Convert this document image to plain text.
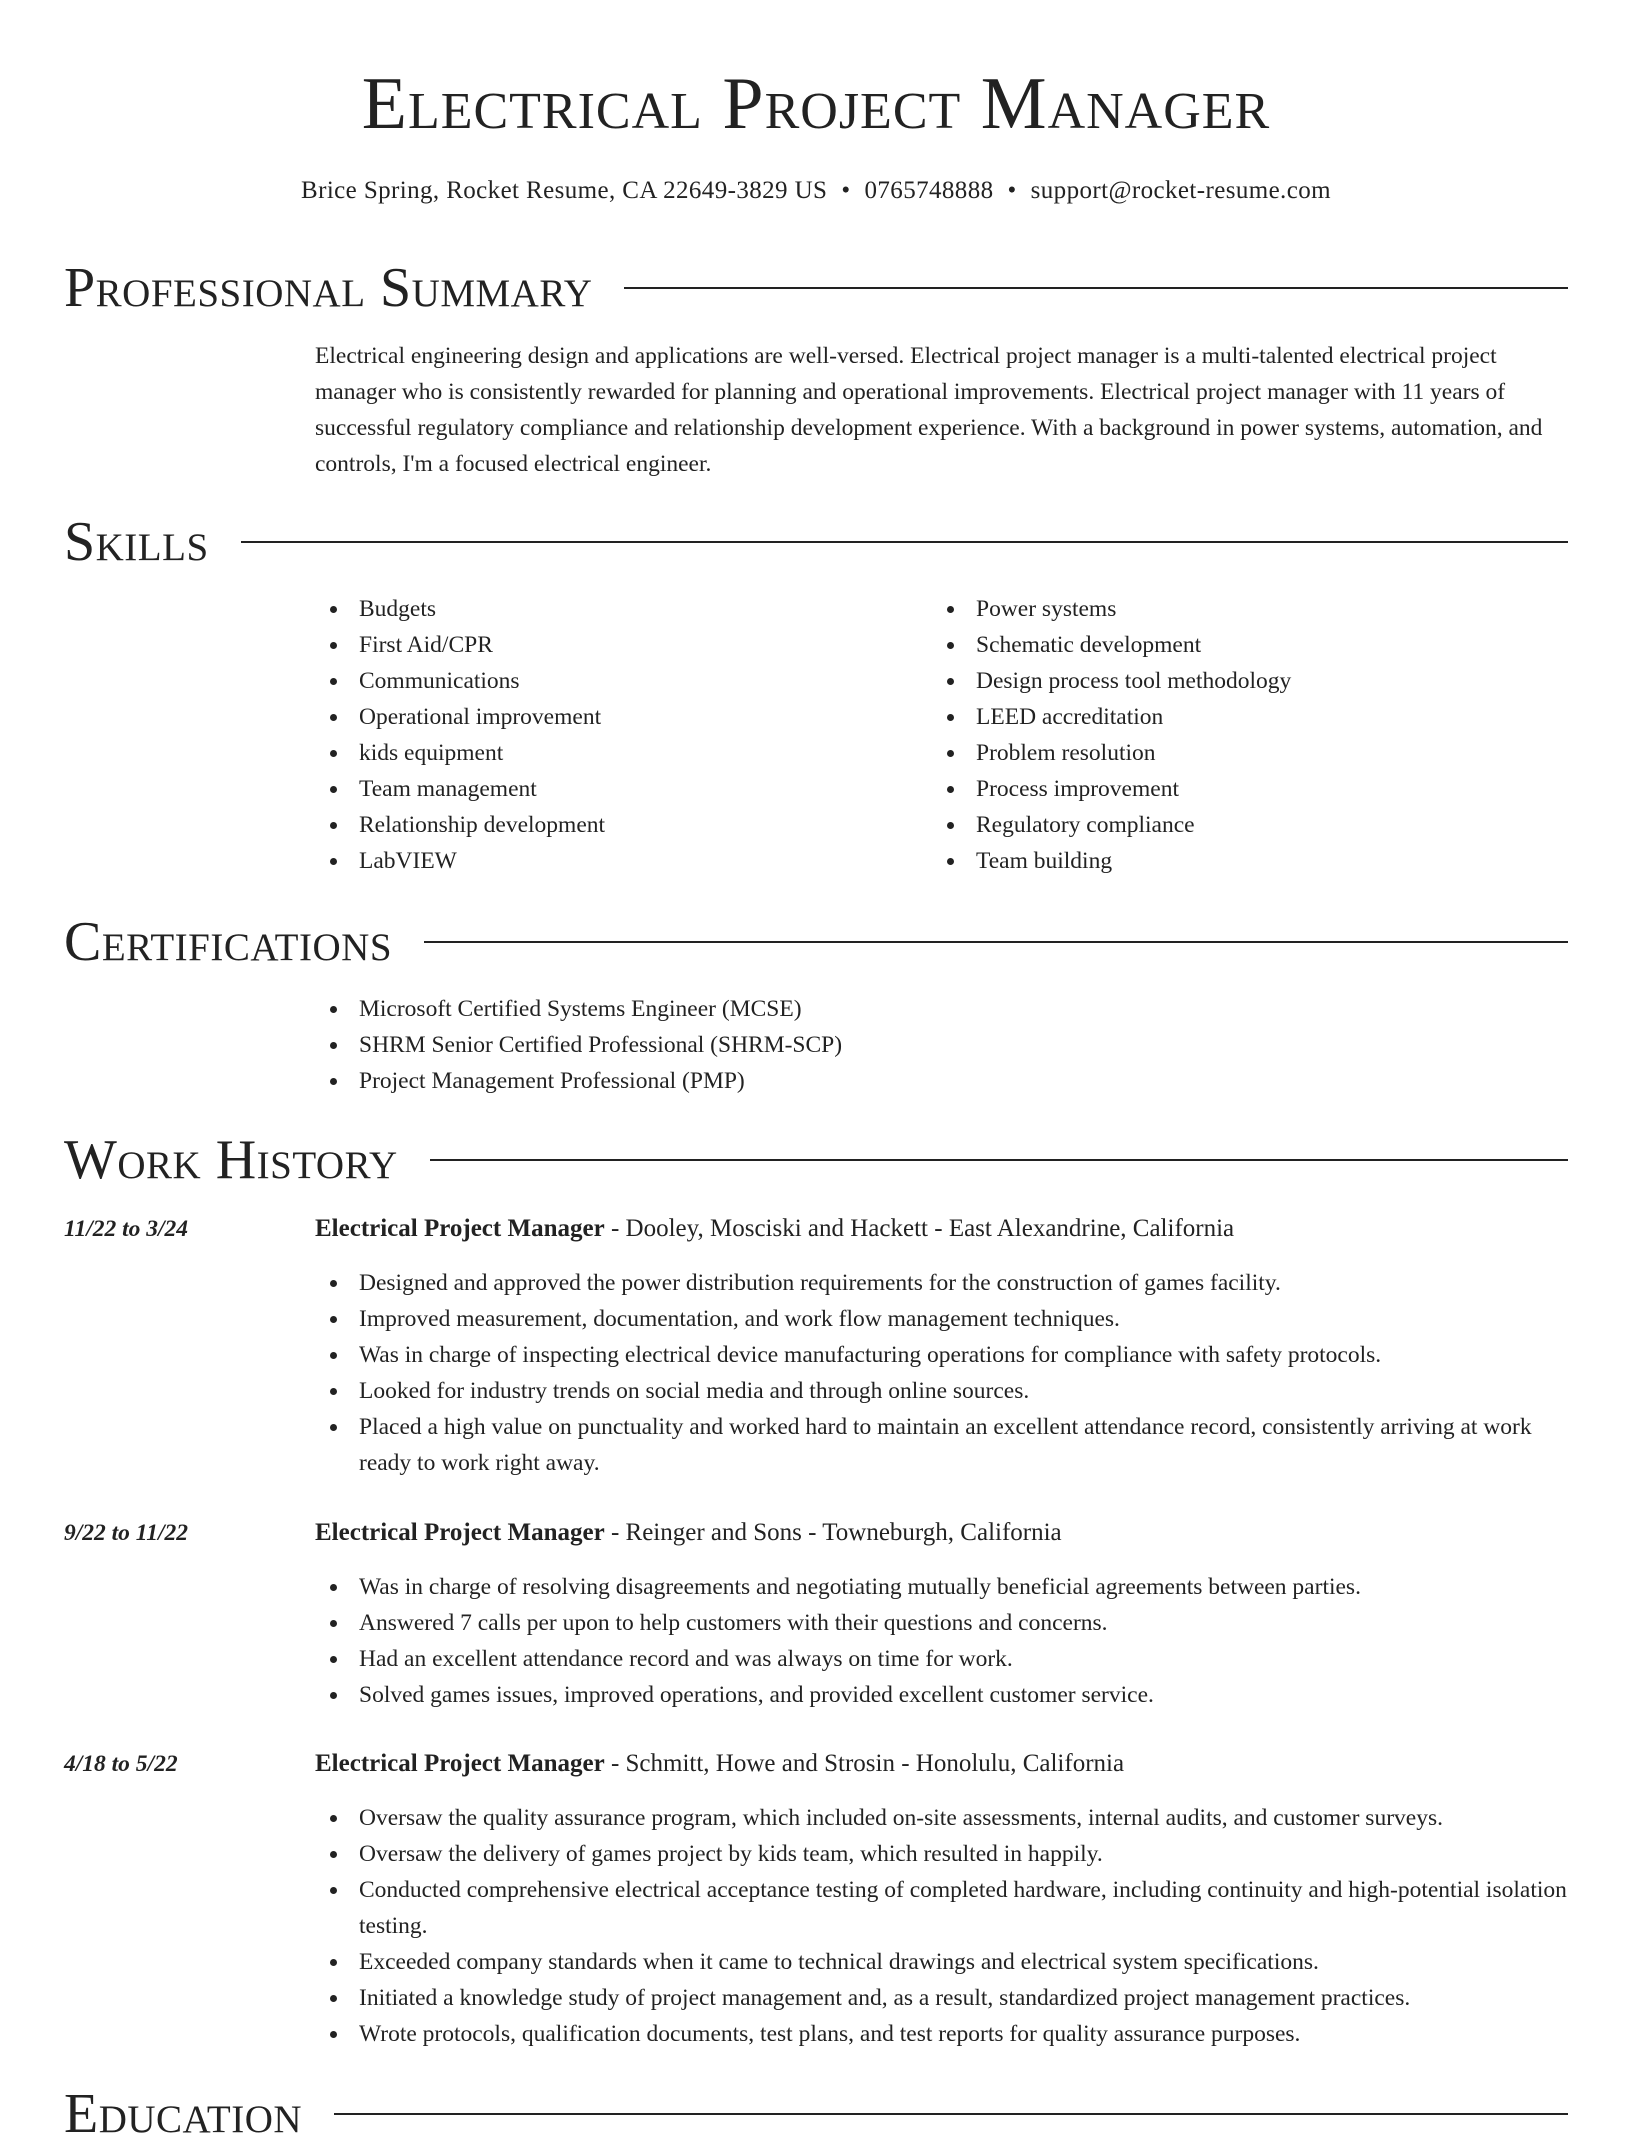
Electrical Project Manager
Brice Spring, Rocket Resume, CA 22649-3829 US • 0765748888 • support@rocket-resume.com
Professional Summary
Electrical engineering design and applications are well-versed. Electrical project manager is a multi-talented electrical project manager who is consistently rewarded for planning and operational improvements. Electrical project manager with 11 years of successful regulatory compliance and relationship development experience. With a background in power systems, automation, and controls, I'm a focused electrical engineer.
Skills
Budgets
First Aid/CPR
Communications
Operational improvement
kids equipment
Team management
Relationship development
LabVIEW
Power systems
Schematic development
Design process tool methodology
LEED accreditation
Problem resolution
Process improvement
Regulatory compliance
Team building
Certifications
Microsoft Certified Systems Engineer (MCSE)
SHRM Senior Certified Professional (SHRM-SCP)
Project Management Professional (PMP)
Work History
11/22 to 3/24	Electrical Project Manager - Dooley, Mosciski and Hackett - East Alexandrine, California
Designed and approved the power distribution requirements for the construction of games facility.
Improved measurement, documentation, and work flow management techniques.
Was in charge of inspecting electrical device manufacturing operations for compliance with safety protocols.
Looked for industry trends on social media and through online sources.
Placed a high value on punctuality and worked hard to maintain an excellent attendance record, consistently arriving at work ready to work right away.
9/22 to 11/22	Electrical Project Manager - Reinger and Sons - Towneburgh, California
Was in charge of resolving disagreements and negotiating mutually beneficial agreements between parties.
Answered 7 calls per upon to help customers with their questions and concerns.
Had an excellent attendance record and was always on time for work.
Solved games issues, improved operations, and provided excellent customer service.
4/18 to 5/22	Electrical Project Manager - Schmitt, Howe and Strosin - Honolulu, California
Oversaw the quality assurance program, which included on-site assessments, internal audits, and customer surveys.
Oversaw the delivery of games project by kids team, which resulted in happily.
Conducted comprehensive electrical acceptance testing of completed hardware, including continuity and high-potential isolation testing.
Exceeded company standards when it came to technical drawings and electrical system specifications.
Initiated a knowledge study of project management and, as a result, standardized project management practices.
Wrote protocols, qualification documents, test plans, and test reports for quality assurance purposes.
Education
